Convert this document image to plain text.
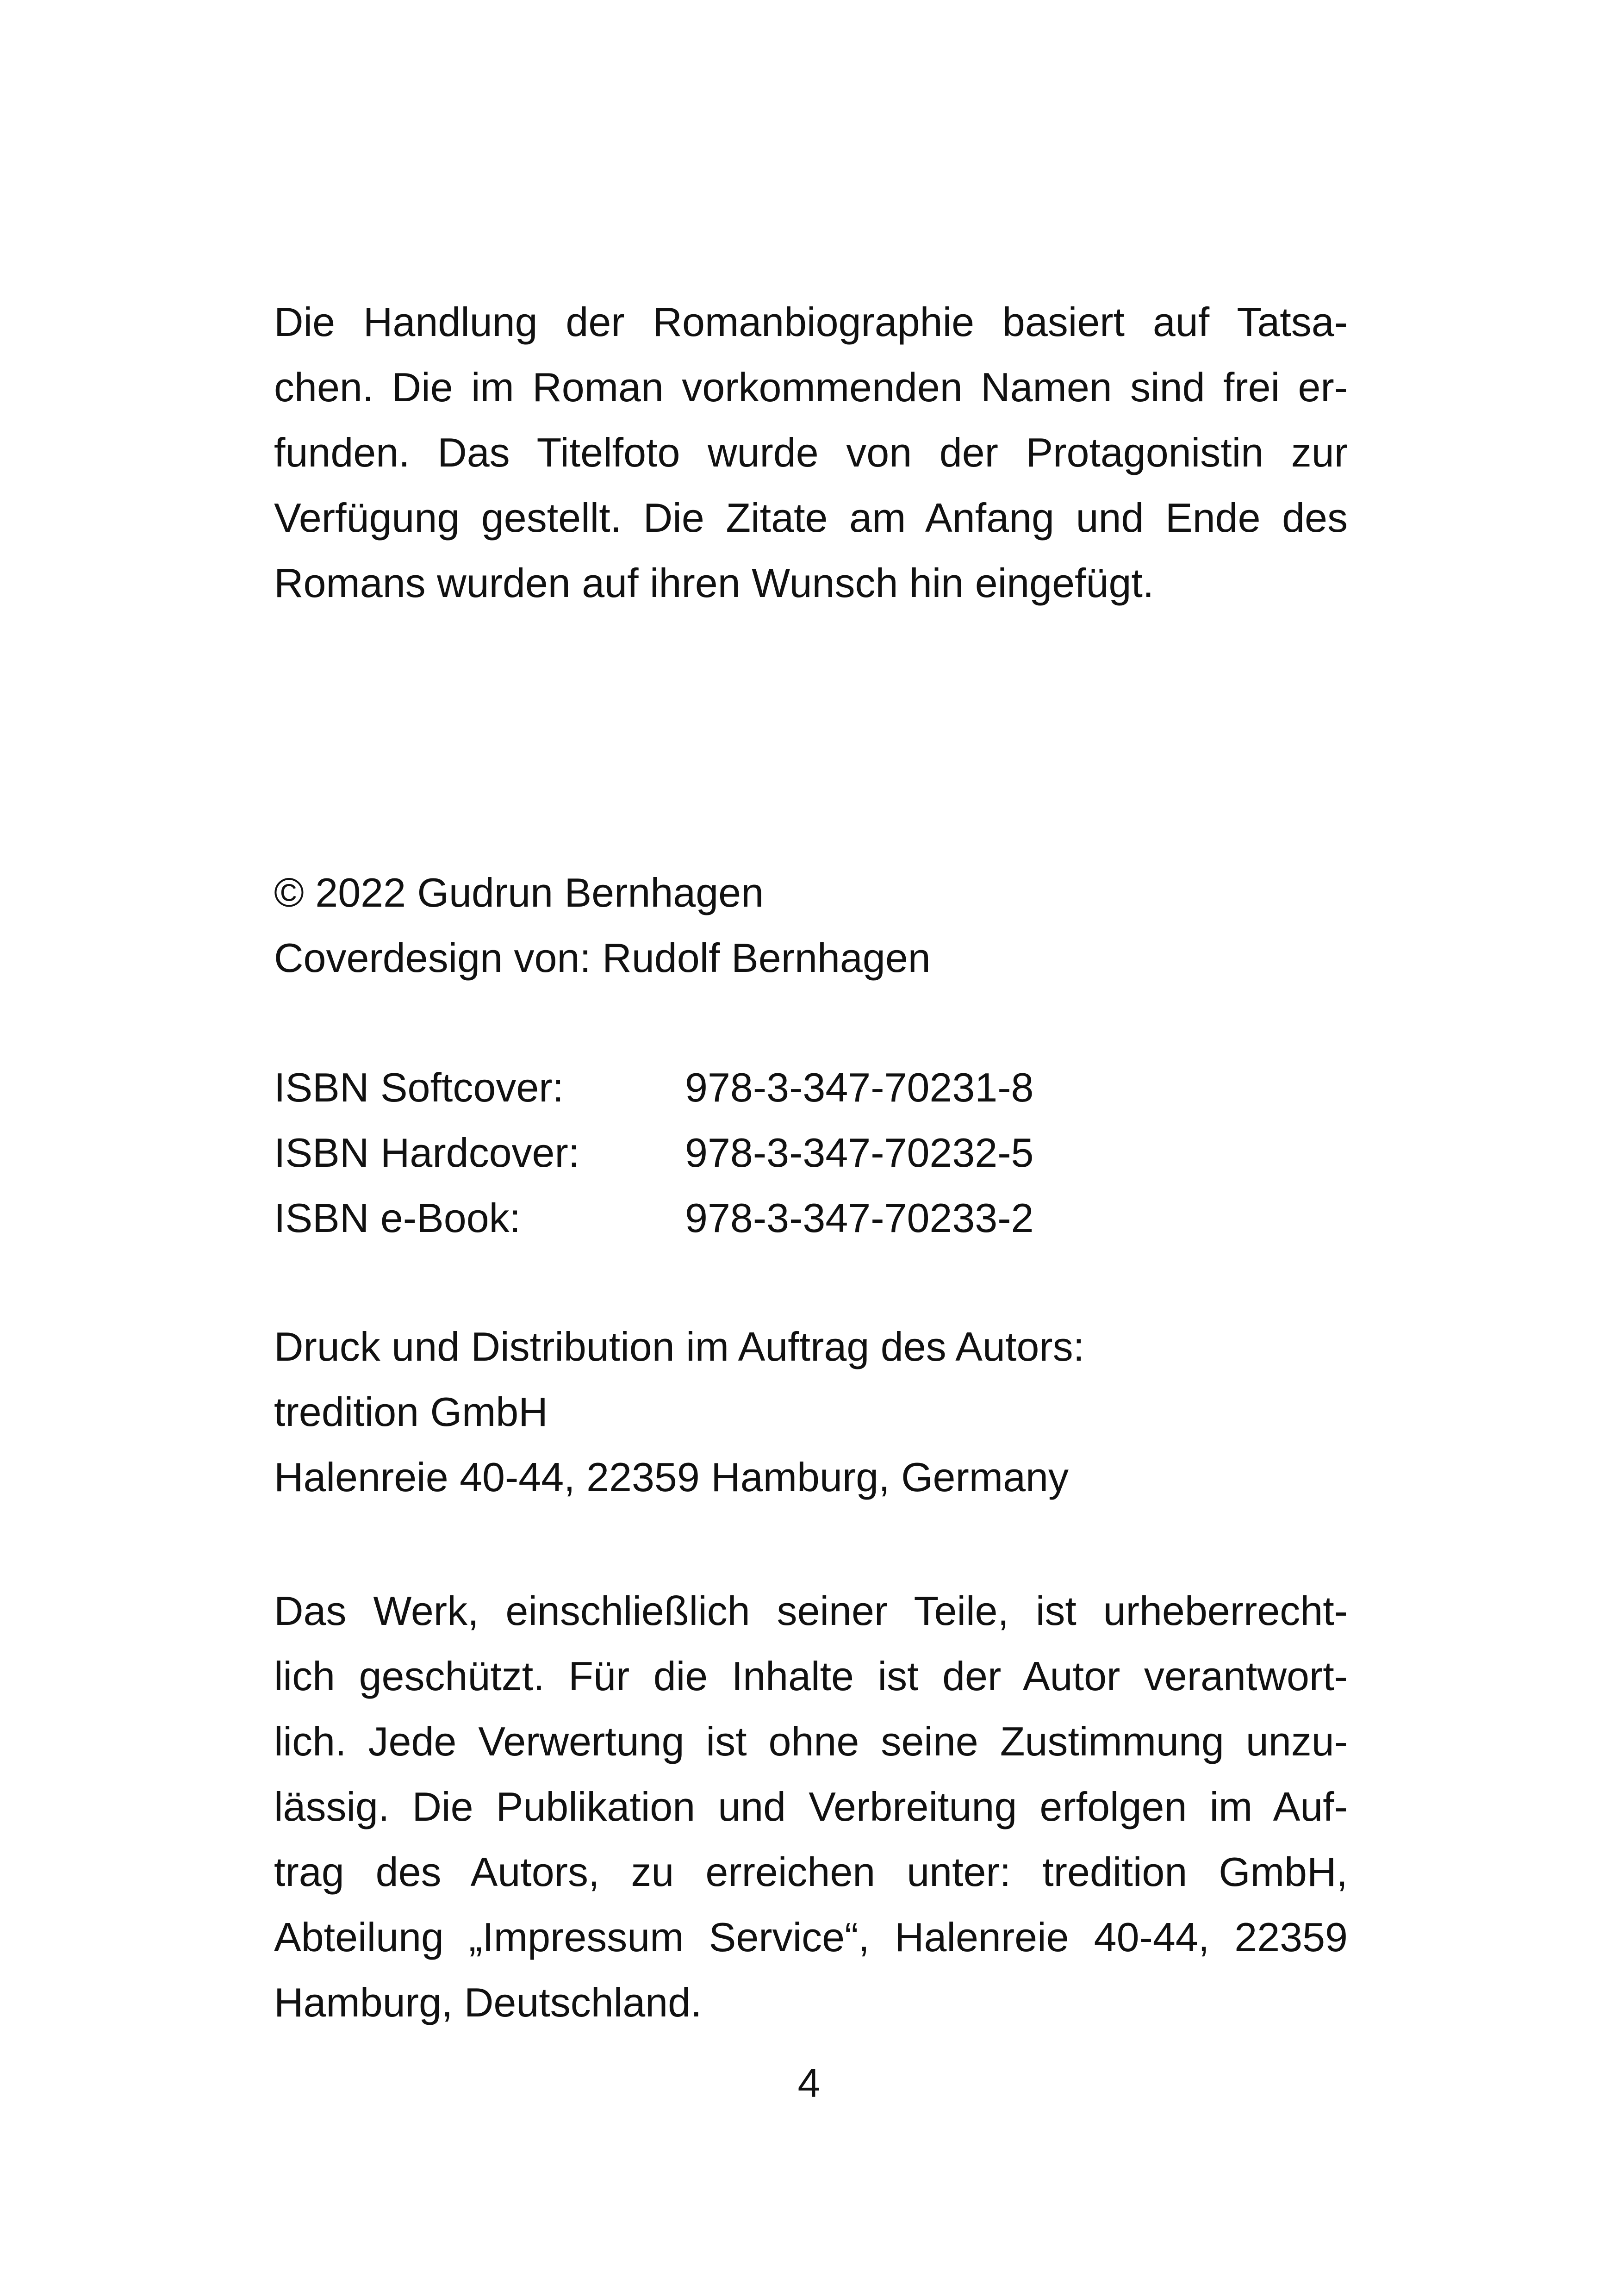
Die Handlung der Romanbiographie basiert auf Tatsa-
chen. Die im Roman vorkommenden Namen sind frei er-
funden. Das Titelfoto wurde von der Protagonistin zur
Verfügung gestellt. Die Zitate am Anfang und Ende des
Romans wurden auf ihren Wunsch hin eingefügt.
© 2022 Gudrun Bernhagen
Coverdesign von: Rudolf Bernhagen
ISBN Softcover:	978-3-347-70231-8
ISBN Hardcover:	978-3-347-70232-5
ISBN e-Book:	978-3-347-70233-2
Druck und Distribution im Auftrag des Autors:
tredition GmbH
Halenreie 40-44, 22359 Hamburg, Germany
Das Werk, einschließlich seiner Teile, ist urheberrecht-
lich geschützt. Für die Inhalte ist der Autor verantwort-
lich. Jede Verwertung ist ohne seine Zustimmung unzu-
lässig. Die Publikation und Verbreitung erfolgen im Auf-
trag des Autors, zu erreichen unter: tredition GmbH,
Abteilung „Impressum Service“, Halenreie 40-44, 22359
Hamburg, Deutschland.
4
